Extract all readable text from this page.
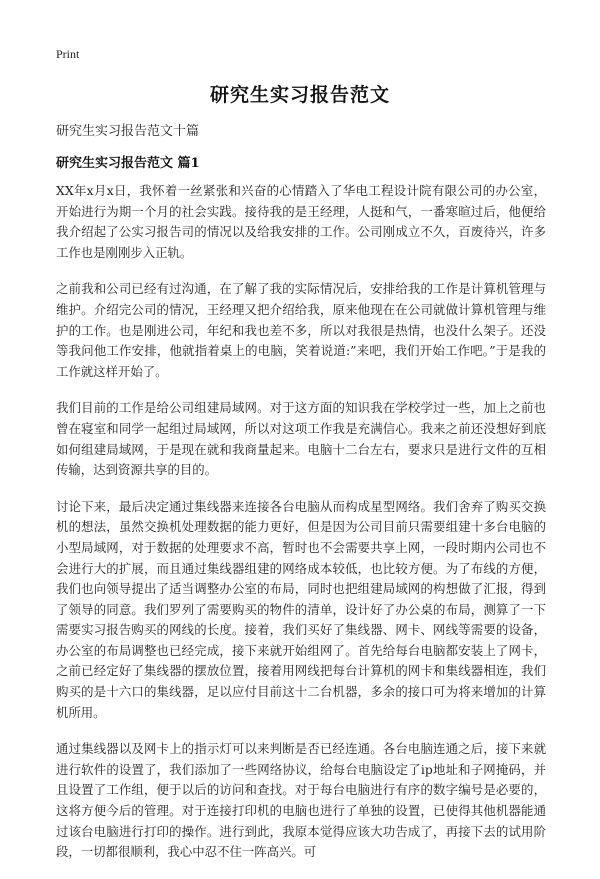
Print
研究生实习报告范文
研究生实习报告范文十篇
研究生实习报告范文 篇1

XX年x月x日，我怀着一丝紧张和兴奋的心情踏入了华电工程设计院有限公司的办公室，开始进行为期一个月的社会实践。接待我的是王经理，人挺和气，一番寒暄过后，他便给我介绍起了公实习报告司的情况以及给我安排的工作。公司刚成立不久，百废待兴，许多工作也是刚刚步入正轨。

之前我和公司已经有过沟通，在了解了我的实际情况后，安排给我的工作是计算机管理与维护。介绍完公司的情况，王经理又把介绍给我，原来他现在在公司就做计算机管理与维护的工作。也是刚进公司，年纪和我也差不多，所以对我很是热情，也没什么架子。还没等我问他工作安排，他就指着桌上的电脑，笑着说道:”来吧，我们开始工作吧。”于是我的工作就这样开始了。

我们目前的工作是给公司组建局域网。对于这方面的知识我在学校学过一些，加上之前也曾在寝室和同学一起组过局域网，所以对这项工作我是充满信心。我来之前还没想好到底如何组建局域网，于是现在就和我商量起来。电脑十二台左右，要求只是进行文件的互相传输，达到资源共享的目的。

讨论下来，最后决定通过集线器来连接各台电脑从而构成星型网络。我们舍弃了购买交换机的想法，虽然交换机处理数据的能力更好，但是因为公司目前只需要组建十多台电脑的小型局域网，对于数据的处理要求不高，暂时也不会需要共享上网，一段时期内公司也不会进行大的扩展，而且通过集线器组建的网络成本较低，也比较方便。为了布线的方便，我们也向领导提出了适当调整办公室的布局，同时也把组建局域网的构想做了汇报，得到了领导的同意。我们罗列了需要购买的物件的清单，设计好了办公桌的布局，测算了一下需要实习报告购买的网线的长度。接着，我们买好了集线器、网卡、网线等需要的设备，办公室的布局调整也已经完成，接下来就开始组网了。首先给每台电脑都安装上了网卡，之前已经定好了集线器的摆放位置，接着用网线把每台计算机的网卡和集线器相连，我们购买的是十六口的集线器，足以应付目前这十二台机器，多余的接口可为将来增加的计算机所用。

通过集线器以及网卡上的指示灯可以来判断是否已经连通。各台电脑连通之后，接下来就进行软件的设置了，我们添加了一些网络协议，给每台电脑设定了ip地址和子网掩码，并且设置了工作组，便于以后的访问和查找。对于每台电脑进行有序的数字编号是必要的，这将方便今后的管理。对于连接打印机的电脑也进行了单独的设置，已使得其他机器能通过该台电脑进行打印的操作。进行到此，我原本觉得应该大功告成了，再接下去的试用阶段，一切都很顺利，我心中忍不住一阵高兴。可
